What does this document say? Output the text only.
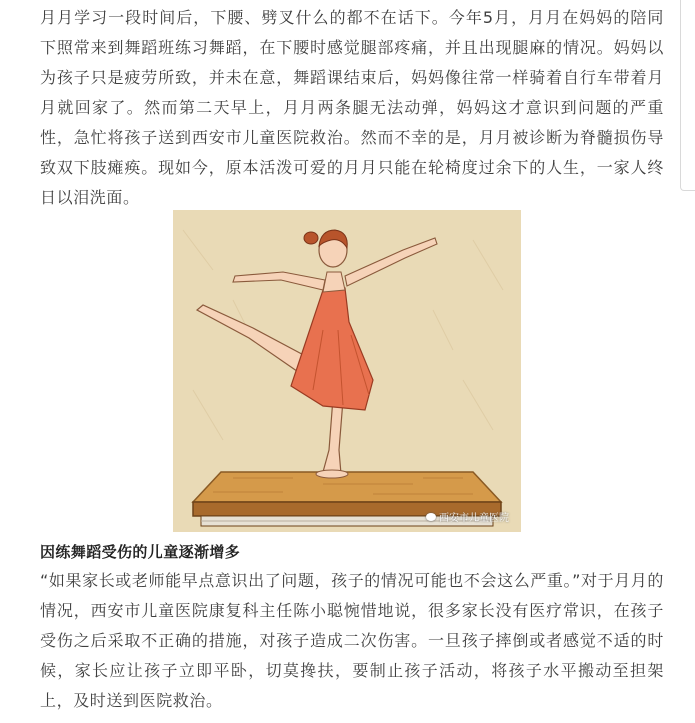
月月学习一段时间后，下腰、劈叉什么的都不在话下。今年5月，月月在妈妈的陪同下照常来到舞蹈班练习舞蹈，在下腰时感觉腿部疼痛，并且出现腿麻的情况。妈妈以为孩子只是疲劳所致，并未在意，舞蹈课结束后，妈妈像往常一样骑着自行车带着月月就回家了。然而第二天早上，月月两条腿无法动弹，妈妈这才意识到问题的严重性，急忙将孩子送到西安市儿童医院救治。然而不幸的是，月月被诊断为脊髓损伤导致双下肢瘫痪。现如今，原本活泼可爱的月月只能在轮椅度过余下的人生，一家人终日以泪洗面。

西安市儿童医院
因练舞蹈受伤的儿童逐渐增多

“如果家长或老师能早点意识出了问题，孩子的情况可能也不会这么严重。”对于月月的情况，西安市儿童医院康复科主任陈小聪惋惜地说，很多家长没有医疗常识，在孩子受伤之后采取不正确的措施，对孩子造成二次伤害。一旦孩子摔倒或者感觉不适的时候，家长应让孩子立即平卧，切莫搀扶，要制止孩子活动，将孩子水平搬动至担架上，及时送到医院救治。
